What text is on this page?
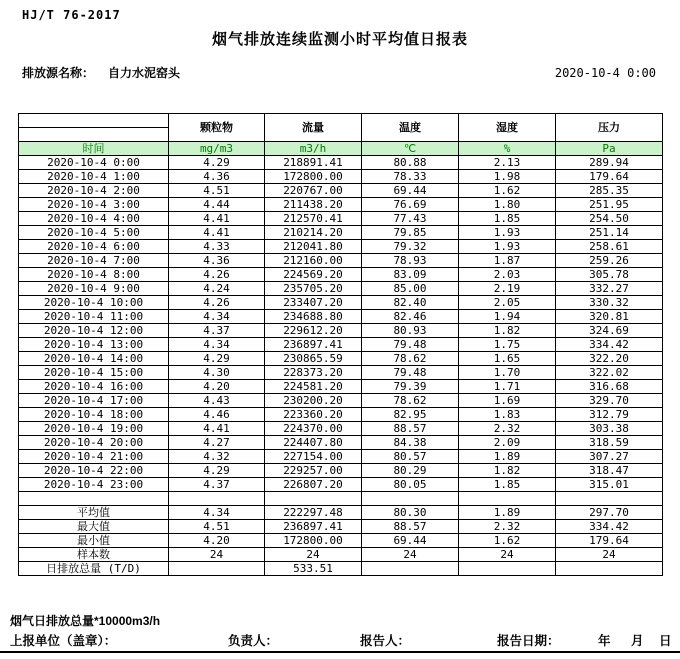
HJ/T 76-2017
烟气排放连续监测小时平均值日报表
排放源名称： 自力水泥窑头	2020-10-4 0:00
	颗粒物	流量	温度	湿度	压力

时间	mg/m3	m3/h	℃	%	Pa
2020-10-4 0:00	4.29	218891.41	80.88	2.13	289.94
2020-10-4 1:00	4.36	172800.00	78.33	1.98	179.64
2020-10-4 2:00	4.51	220767.00	69.44	1.62	285.35
2020-10-4 3:00	4.44	211438.20	76.69	1.80	251.95
2020-10-4 4:00	4.41	212570.41	77.43	1.85	254.50
2020-10-4 5:00	4.41	210214.20	79.85	1.93	251.14
2020-10-4 6:00	4.33	212041.80	79.32	1.93	258.61
2020-10-4 7:00	4.36	212160.00	78.93	1.87	259.26
2020-10-4 8:00	4.26	224569.20	83.09	2.03	305.78
2020-10-4 9:00	4.24	235705.20	85.00	2.19	332.27
2020-10-4 10:00	4.26	233407.20	82.40	2.05	330.32
2020-10-4 11:00	4.34	234688.80	82.46	1.94	320.81
2020-10-4 12:00	4.37	229612.20	80.93	1.82	324.69
2020-10-4 13:00	4.34	236897.41	79.48	1.75	334.42
2020-10-4 14:00	4.29	230865.59	78.62	1.65	322.20
2020-10-4 15:00	4.30	228373.20	79.48	1.70	322.02
2020-10-4 16:00	4.20	224581.20	79.39	1.71	316.68
2020-10-4 17:00	4.43	230200.20	78.62	1.69	329.70
2020-10-4 18:00	4.46	223360.20	82.95	1.83	312.79
2020-10-4 19:00	4.41	224370.00	88.57	2.32	303.38
2020-10-4 20:00	4.27	224407.80	84.38	2.09	318.59
2020-10-4 21:00	4.32	227154.00	80.57	1.89	307.27
2020-10-4 22:00	4.29	229257.00	80.29	1.82	318.47
2020-10-4 23:00	4.37	226807.20	80.05	1.85	315.01

平均值	4.34	222297.48	80.30	1.89	297.70
最大值	4.51	236897.41	88.57	2.32	334.42
最小值	4.20	172800.00	69.44	1.62	179.64
样本数	24	24	24	24	24
日排放总量 (T/D)		533.51			
烟气日排放总量*10000m3/h
上报单位（盖章）：	负责人：	报告人：	报告日期：	年 月 日
